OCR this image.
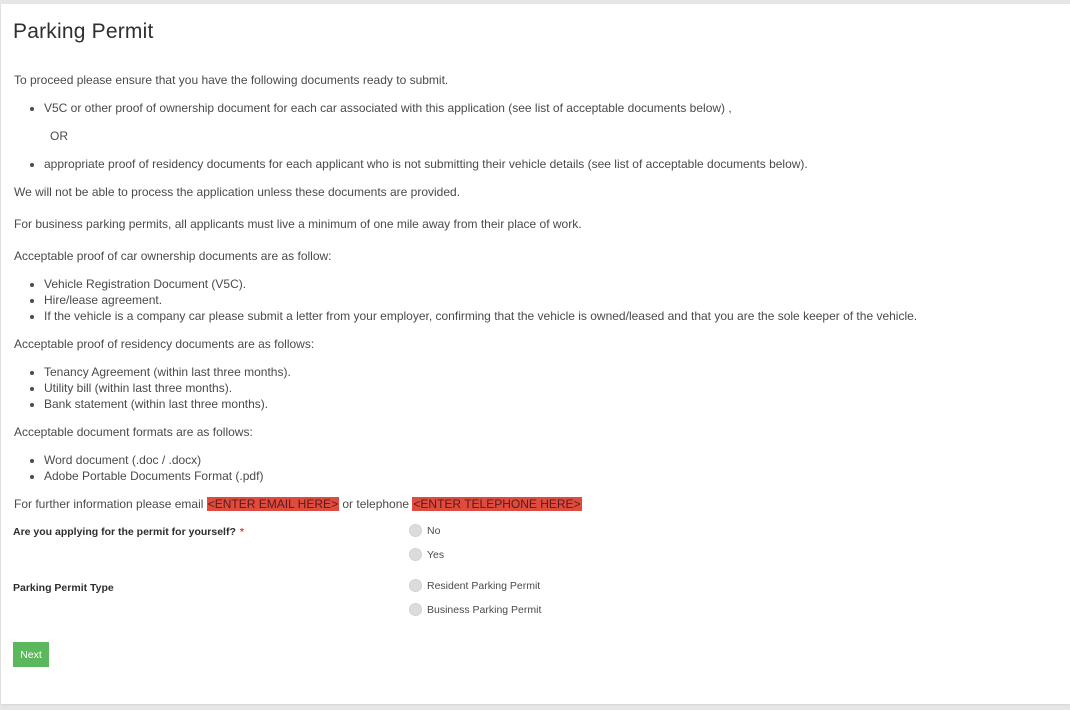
Parking Permit

To proceed please ensure that you have the following documents ready to submit.

• V5C or other proof of ownership document for each car associated with this application (see list of acceptable documents below) ,

OR

• appropriate proof of residency documents for each applicant who is not submitting their vehicle details (see list of acceptable documents below).

We will not be able to process the application unless these documents are provided.

For business parking permits, all applicants must live a minimum of one mile away from their place of work.

Acceptable proof of car ownership documents are as follow:

• Vehicle Registration Document (V5C).
• Hire/lease agreement.
• If the vehicle is a company car please submit a letter from your employer, confirming that the vehicle is owned/leased and that you are the sole keeper of the vehicle.

Acceptable proof of residency documents are as follows:

• Tenancy Agreement (within last three months).
• Utility bill (within last three months).
• Bank statement (within last three months).

Acceptable document formats are as follows:

• Word document (.doc / .docx)
• Adobe Portable Documents Format (.pdf)

For further information please email <ENTER EMAIL HERE> or telephone <ENTER TELEPHONE HERE>

Are you applying for the permit for yourself? *	No
Yes
Parking Permit Type	Resident Parking Permit
Business Parking Permit
Next
